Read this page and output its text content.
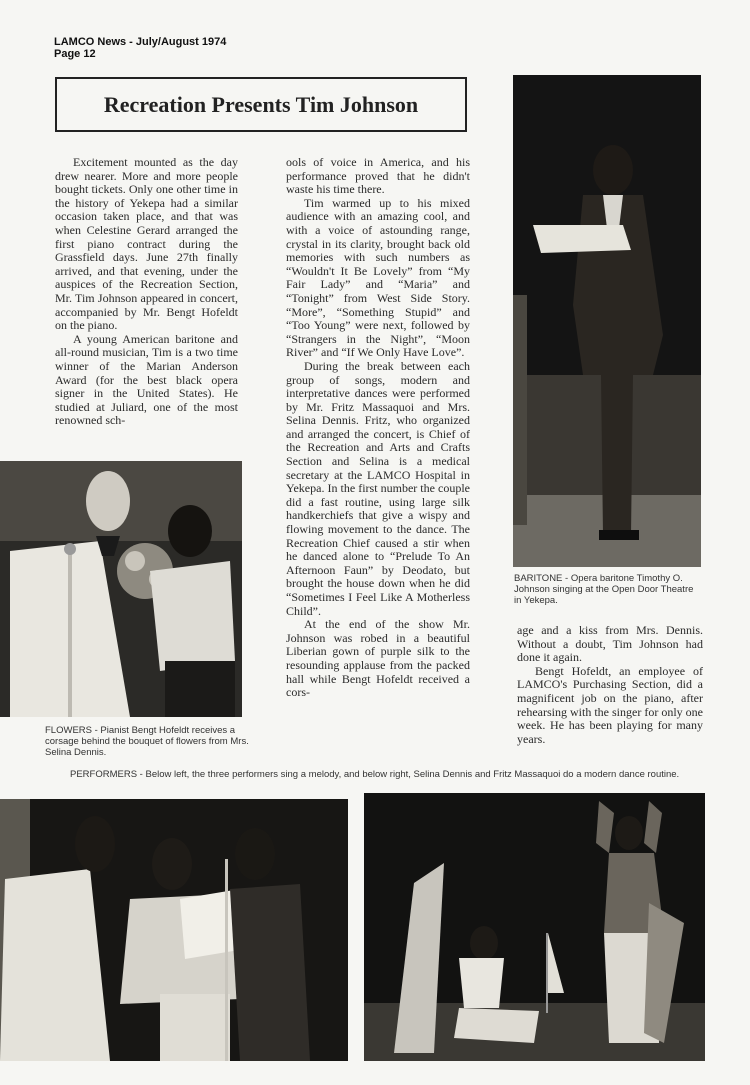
LAMCO News - July/August 1974
Page 12
Recreation Presents Tim Johnson

Excitement mounted as the day drew nearer. More and more people bought tickets. Only one other time in the history of Yekepa had a similar occasion taken place, and that was when Celestine Gerard arranged the first piano contract during the Grassfield days. June 27th finally arrived, and that evening, under the auspices of the Recreation Section, Mr. Tim Johnson appeared in concert, accompanied by Mr. Bengt Hofeldt on the piano.

A young American baritone and all-round musician, Tim is a two time winner of the Marian Anderson Award (for the best black opera signer in the United States). He studied at Juliard, one of the most renowned sch-

ools of voice in America, and his performance proved that he didn't waste his time there.

Tim warmed up to his mixed audience with an amazing cool, and with a voice of astounding range, crystal in its clarity, brought back old memories with such numbers as “Wouldn't It Be Lovely” from “My Fair Lady” and “Maria” and “Tonight” from West Side Story. “More”, “Something Stupid” and “Too Young” were next, followed by “Strangers in the Night”, “Moon River” and “If We Only Have Love”.

During the break between each group of songs, modern and interpretative dances were performed by Mr. Fritz Massaquoi and Mrs. Selina Dennis. Fritz, who organized and arranged the concert, is Chief of the Recreation and Arts and Crafts Section and Selina is a medical secretary at the LAMCO Hospital in Yekepa. In the first number the couple did a fast routine, using large silk handkerchiefs that give a wispy and flowing movement to the dance. The Recreation Chief caused a stir when he danced alone to “Prelude To An Afternoon Faun” by Deodato, but brought the house down when he did “Sometimes I Feel Like A Motherless Child”.

At the end of the show Mr. Johnson was robed in a beautiful Liberian gown of purple silk to the resounding applause from the packed hall while Bengt Hofeldt received a cors-

age and a kiss from Mrs. Dennis. Without a doubt, Tim Johnson had done it again.

Bengt Hofeldt, an employee of LAMCO's Purchasing Section, did a magnificent job on the piano, after rehearsing with the singer for only one week. He has been playing for many years.

BARITONE - Opera baritone Timothy O. Johnson singing at the Open Door Theatre in Yekepa.
FLOWERS - Pianist Bengt Hofeldt receives a corsage behind the bouquet of flowers from Mrs. Selina Dennis.
PERFORMERS - Below left, the three performers sing a melody, and below right, Selina Dennis and Fritz Massaquoi do a modern dance routine.
